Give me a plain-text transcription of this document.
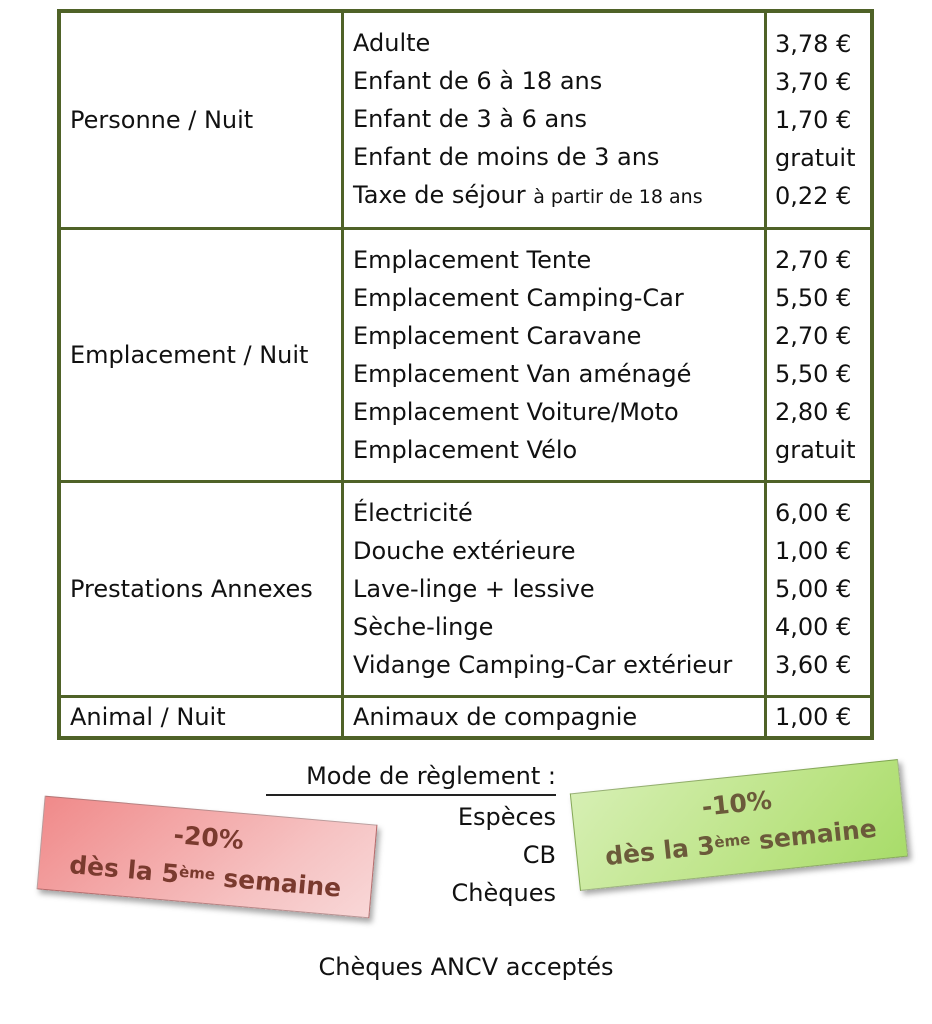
Personne / Nuit
Adulte
Enfant de 6 à 18 ans
Enfant de 3 à 6 ans
Enfant de moins de 3 ans
Taxe de séjour à partir de 18 ans
3,78 €
3,70 €
1,70 €
gratuit
0,22 €
Emplacement / Nuit
Emplacement Tente
Emplacement Camping-Car
Emplacement Caravane
Emplacement Van aménagé
Emplacement Voiture/Moto
Emplacement Vélo
2,70 €
5,50 €
2,70 €
5,50 €
2,80 €
gratuit
Prestations Annexes
Électricité
Douche extérieure
Lave-linge + lessive
Sèche-linge
Vidange Camping-Car extérieur
6,00 €
1,00 €
5,00 €
4,00 €
3,60 €
Animal / Nuit	Animaux de compagnie	1,00 €
Mode de règlement :
Espèces
CB
Chèques
Chèques ANCV acceptés
-20%
dès la 5ème semaine
-10%
dès la 3ème semaine
